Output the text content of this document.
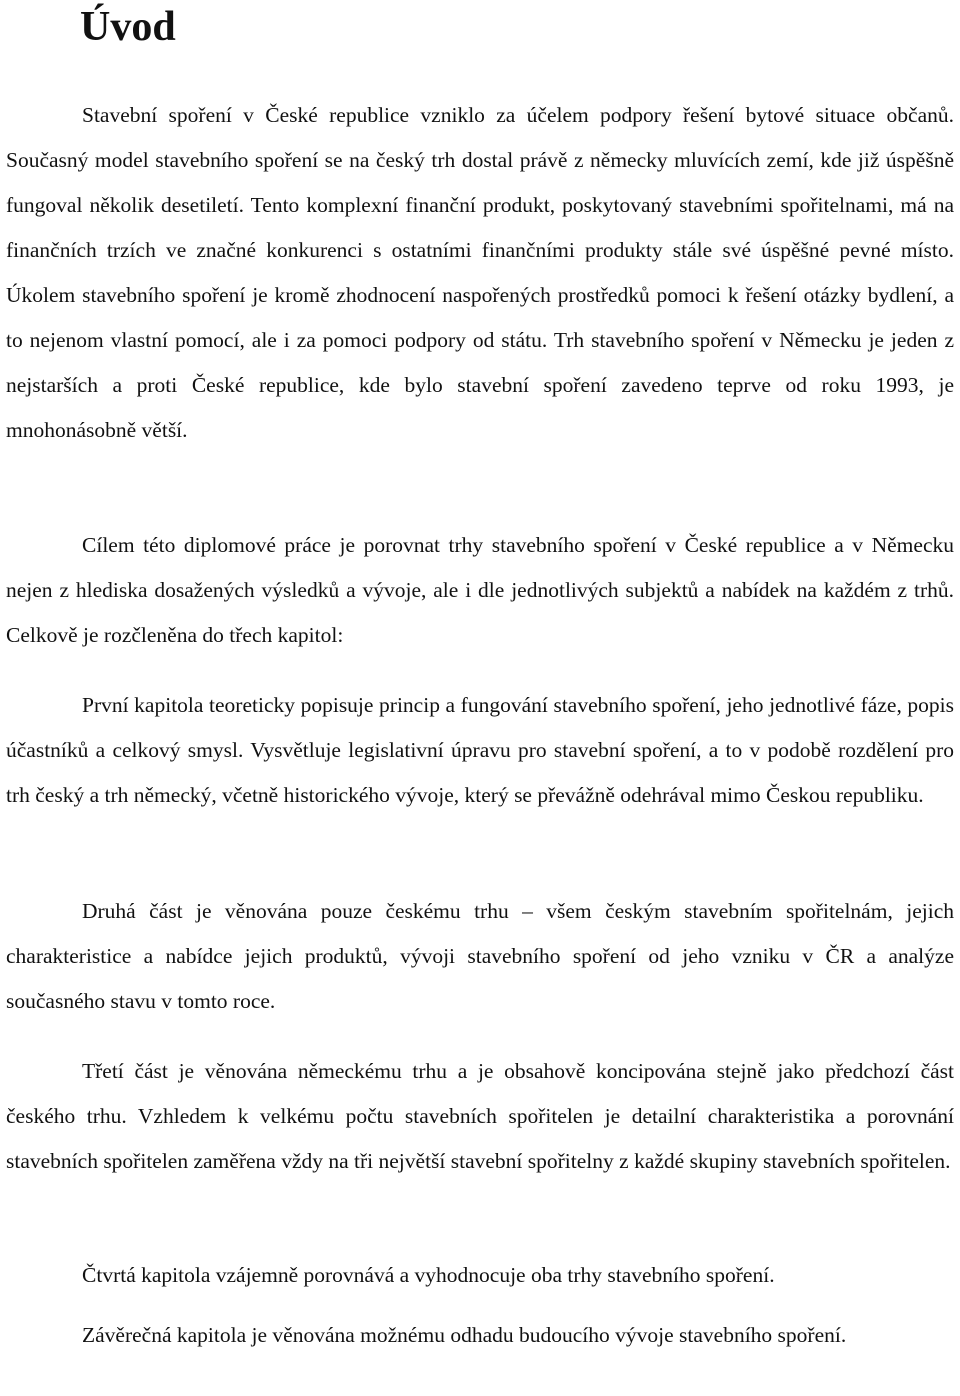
Úvod

Stavební spoření v České republice vzniklo za účelem podpory řešení bytové situace občanů. Současný model stavebního spoření se na český trh dostal právě z německy mluvících zemí, kde již úspěšně fungoval několik desetiletí. Tento komplexní finanční produkt, poskytovaný stavebními spořitelnami, má na finančních trzích ve značné konkurenci s ostatními finančními produkty stále své úspěšné pevné místo. Úkolem stavebního spoření je kromě zhodnocení naspořených prostředků pomoci k řešení otázky bydlení, a to nejenom vlastní pomocí, ale i za pomoci podpory od státu. Trh stavebního spoření v Německu je jeden z nejstarších a proti České republice, kde bylo stavební spoření zavedeno teprve od roku 1993, je mnohonásobně větší.

Cílem této diplomové práce je porovnat trhy stavebního spoření v České republice a v Německu nejen z hlediska dosažených výsledků a vývoje, ale i dle jednotlivých subjektů a nabídek na každém z trhů. Celkově je rozčleněna do třech kapitol:

První kapitola teoreticky popisuje princip a fungování stavebního spoření, jeho jednotlivé fáze, popis účastníků a celkový smysl. Vysvětluje legislativní úpravu pro stavební spoření, a to v podobě rozdělení pro trh český a trh německý, včetně historického vývoje, který se převážně odehrával mimo Českou republiku.

Druhá část je věnována pouze českému trhu – všem českým stavebním spořitelnám, jejich charakteristice a nabídce jejich produktů, vývoji stavebního spoření od jeho vzniku v ČR a analýze současného stavu v tomto roce.

Třetí část je věnována německému trhu a je obsahově koncipována stejně jako předchozí část českého trhu. Vzhledem k velkému počtu stavebních spořitelen je detailní charakteristika a porovnání stavebních spořitelen zaměřena vždy na tři největší stavební spořitelny z každé skupiny stavebních spořitelen.

Čtvrtá kapitola vzájemně porovnává a vyhodnocuje oba trhy stavebního spoření.

Závěrečná kapitola je věnována možnému odhadu budoucího vývoje stavebního spoření.
